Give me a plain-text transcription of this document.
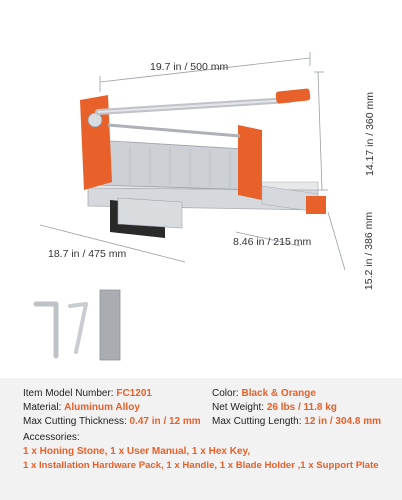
19.7 in / 500 mm
14.17 in / 360 mm
18.7 in / 475 mm
8.46 in / 215 mm	15.2 in / 386 mm
Item Model Number: FC1201
Material: Aluminum Alloy
Max Cutting Thickness: 0.47 in / 12 mm
Color: Black & Orange
Net Weight: 26 lbs / 11.8 kg
Max Cutting Length: 12 in / 304.8 mm
Accessories:
1 x Honing Stone, 1 x User Manual, 1 x Hex Key,
1 x Installation Hardware Pack, 1 x Handle, 1 x Blade Holder ,1 x Support Plate
